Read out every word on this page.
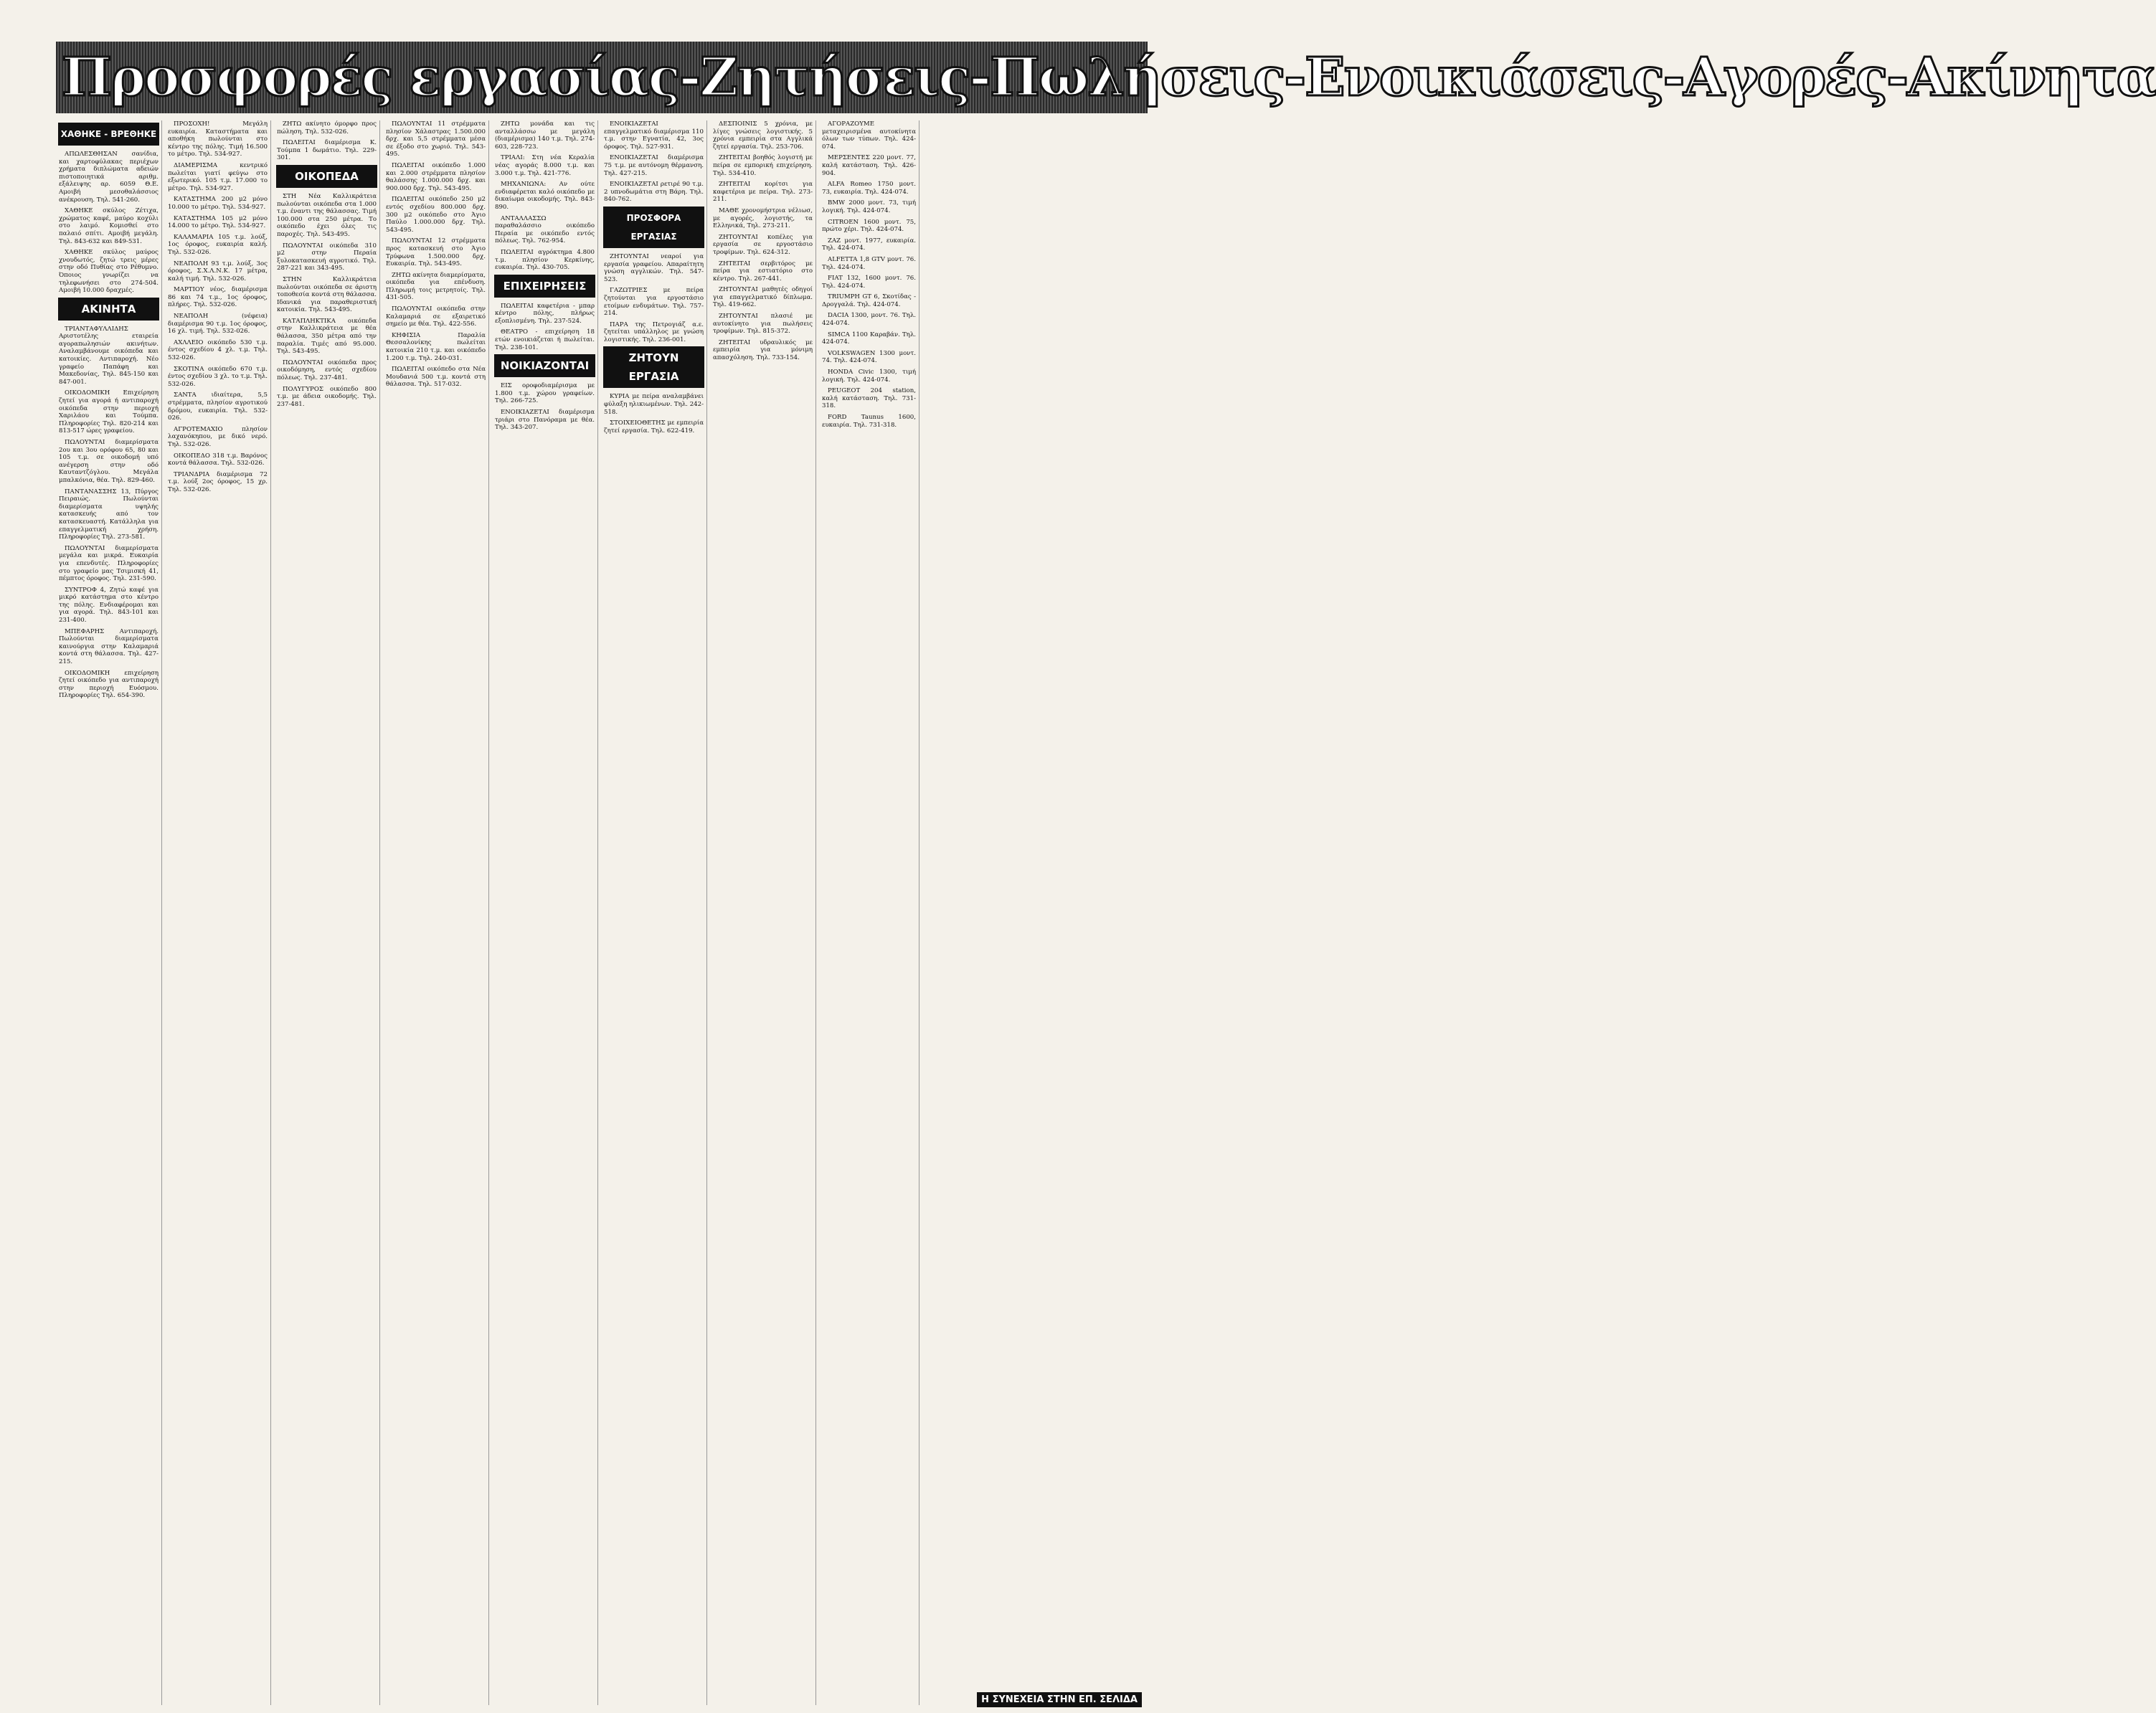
Προσφορές εργασίας-Ζητήσεις-Πωλήσεις-Ενοικιάσεις-Αγορές-Ακίνητα
ΧΑΘΗΚΕ - ΒΡΕΘΗΚΕ

ΑΠΩΛΕΣΘΗΣΑΝ σανίδια, και χαρτοφύλακας περιέχων χρήματα διπλώματα αδειών πιστοποιητικά αριθμ. εξάλειψης αρ. 6059 Θ.Ε. Αμοιβή μεσοθαλάσσιος ανέκρουση. Τηλ. 541-260.

ΧΑΘΗΚΕ σκύλος Ζέτιχα, χρώματος καφέ, μαύρο κοχύλι στο λαιμό. Κομισθεί στο παλαιό σπίτι. Αμοιβή μεγάλη. Τηλ. 843-632 και 849-531.

ΧΑΘΗΚΕ σκύλος μαύρος χνουδωτός, ζητώ τρεις μέρες στην οδό Πυθίας στο Ρέθυμνο. Όποιος γνωρίζει να τηλεφωνήσει στο 274-504. Αμοιβή 10.000 δραχμές.

ΑΚΙΝΗΤΑ

ΤΡΙΑΝΤΑΦΥΛΛΙΔΗΣ Αριστοτέλης εταιρεία αγοραπωλησιών ακινήτων. Αναλαμβάνουμε οικόπεδα και κατοικίες. Αντιπαροχή. Νέο γραφείο Παπάφη και Μακεδονίας, Τηλ. 845-150 και 847-001.

ΟΙΚΟΔΟΜΙΚΗ Επιχείρηση ζητεί για αγορά ή αντιπαροχή οικόπεδα στην περιοχή Χαριλάου και Τούμπα. Πληροφορίες Τηλ. 820-214 και 813-517 ώρες γραφείου.

ΠΩΛΟΥΝΤΑΙ διαμερίσματα 2ου και 3ου ορόφου 65, 80 και 105 τ.μ. σε οικοδομή υπό ανέγερση στην οδό Καυταντζόγλου. Μεγάλα μπαλκόνια, θέα. Τηλ. 829-460.

ΠΑΝΤΑΝΑΣΣΗΣ 13, Πύργος Πειραιώς. Πωλούνται διαμερίσματα υψηλής κατασκευής από τον κατασκευαστή. Κατάλληλα για επαγγελματική χρήση. Πληροφορίες Τηλ. 273-581.

ΠΩΛΟΥΝΤΑΙ διαμερίσματα μεγάλα και μικρά. Ευκαιρία για επενδυτές. Πληροφορίες στο γραφείο μας Τσιμισκή 41, πέμπτος όροφος. Τηλ. 231-590.

ΣΥΝΤΡΟΦ 4, Ζητώ καφέ για μικρό κατάστημα στο κέντρο της πόλης. Ενδιαφέρομαι και για αγορά. Τηλ. 843-101 και 231-400.

ΜΠΕΦΑΡΗΣ Αντιπαροχή. Πωλούνται διαμερίσματα καινούργια στην Καλαμαριά κοντά στη θάλασσα. Τηλ. 427-215.

ΟΙΚΟΔΟΜΙΚΗ επιχείρηση ζητεί οικόπεδο για αντιπαροχή στην περιοχή Ευόσμου. Πληροφορίες Τηλ. 654-390.

ΠΡΟΣΟΧΗ! Μεγάλη ευκαιρία. Καταστήματα και αποθήκη πωλούνται στο κέντρο της πόλης. Τιμή 16.500 το μέτρο. Τηλ. 534-927.

ΔΙΑΜΕΡΙΣΜΑ κεντρικό πωλείται γιατί φεύγω στο εξωτερικό. 105 τ.μ. 17.000 το μέτρο. Τηλ. 534-927.

ΚΑΤΑΣΤΗΜΑ 200 μ2 μόνο 10.000 το μέτρο. Τηλ. 534-927.

ΚΑΤΑΣΤΗΜΑ 105 μ2 μόνο 14.000 το μέτρο. Τηλ. 534-927.

ΚΑΛΑΜΑΡΙΑ 105 τ.μ. λούξ, 1ος όροφος, ευκαιρία καλή. Τηλ. 532-026.

ΝΕΑΠΟΛΗ 93 τ.μ. λούξ, 3ος όροφος, Σ.Χ.Λ.Ν.Κ. 17 μέτρα, καλή τιμή. Τηλ. 532-026.

ΜΑΡΤΙΟΥ νέος, διαμέρισμα 86 και 74 τ.μ., 1ος όροφος, πλήρες. Τηλ. 532-026.

ΝΕΑΠΟΛΗ (νέφεια) διαμέρισμα 90 τ.μ. 1ος όροφος, 16 χλ. τιμή. Τηλ. 532-026.

ΑΧΛΛΕΙΟ οικόπεδο 530 τ.μ. έντος σχεδίου 4 χλ. τ.μ. Τηλ. 532-026.

ΣΚΟΤΙΝΑ οικόπεδο 670 τ.μ. έντος σχεδίου 3 χλ. το τ.μ. Τηλ. 532-026.

ΣΑΝΤΑ ιδιαίτερα, 5,5 στρέμματα, πλησίον αγροτικού δρόμου, ευκαιρία. Τηλ. 532-026.

ΑΓΡΟΤΕΜΑΧΙΟ πλησίον λαχανόκηπου, με δικό νερό. Τηλ. 532-026.

ΟΙΚΟΠΕΔΟ 318 τ.μ. Βαρόνος κοντά θάλασσα. Τηλ. 532-026.

ΤΡΙΑΝΔΡΙΑ διαμέρισμα 72 τ.μ. λούξ 2ος όροφος, 15 χρ. Τηλ. 532-026.

ΖΗΤΩ ακίνητο όμορφο προς πώληση. Τηλ. 532-026.

ΠΩΛΕΙΤΑΙ διαμέρισμα Κ. Τούμπα 1 δωμάτιο. Τηλ. 229-301.

ΟΙΚΟΠΕΔΑ

ΣΤΗ Νέα Καλλικράτεια πωλούνται οικόπεδα στα 1.000 τ.μ. έναντι της θάλασσας. Τιμή 100.000 στα 250 μέτρα. Το οικόπεδο έχει όλες τις παροχές. Τηλ. 543-495.

ΠΩΛΟΥΝΤΑΙ οικόπεδα 310 μ2 στην Περαία ξυλοκατασκευή αγροτικό. Τηλ. 287-221 και 343-495.

ΣΤΗΝ Καλλικράτεια πωλούνται οικόπεδα σε άριστη τοποθεσία κοντά στη θάλασσα. Ιδανικά για παραθεριστική κατοικία. Τηλ. 543-495.

ΚΑΤΑΠΛΗΚΤΙΚΑ οικόπεδα στην Καλλικράτεια με θέα θάλασσα, 350 μέτρα από την παραλία. Τιμές από 95.000. Τηλ. 543-495.

ΠΩΛΟΥΝΤΑΙ οικόπεδα προς οικοδόμηση, εντός σχεδίου πόλεως. Τηλ. 237-481.

ΠΟΛΥΓΥΡΟΣ οικόπεδο 800 τ.μ. με άδεια οικοδομής. Τηλ. 237-481.

ΠΩΛΟΥΝΤΑΙ 11 στρέμματα πλησίον Χάλαστρας 1.500.000 δρχ. και 5,5 στρέμματα μέσα σε έξοδο στο χωριό. Τηλ. 543-495.

ΠΩΛΕΙΤΑΙ οικόπεδο 1.000 και 2.000 στρέμματα πλησίον θαλάσσης 1.000.000 δρχ. και 900.000 δρχ. Τηλ. 543-495.

ΠΩΛΕΙΤΑΙ οικόπεδο 250 μ2 εντός σχεδίου 800.000 δρχ. 300 μ2 οικόπεδο στο Άγιο Παύλο 1.000.000 δρχ. Τηλ. 543-495.

ΠΩΛΟΥΝΤΑΙ 12 στρέμματα προς κατασκευή στο Άγιο Τρύφωνα 1.500.000 δρχ. Ευκαιρία. Τηλ. 543-495.

ΖΗΤΩ ακίνητα διαμερίσματα, οικόπεδα για επένδυση. Πληρωμή τοις μετρητοίς. Τηλ. 431-505.

ΠΩΛΟΥΝΤΑΙ οικόπεδα στην Καλαμαριά σε εξαιρετικό σημείο με θέα. Τηλ. 422-556.

ΚΗΦΙΣΙΑ Παραλία Θεσσαλονίκης πωλείται κατοικία 210 τ.μ. και οικόπεδο 1.200 τ.μ. Τηλ. 240-031.

ΠΩΛΕΙΤΑΙ οικόπεδο στα Νέα Μουδανιά 500 τ.μ. κοντά στη θάλασσα. Τηλ. 517-032.

ΖΗΤΩ μονάδα και τις ανταλλάσσω με μεγάλη (διαμέρισμα) 140 τ.μ. Τηλ. 274-603, 228-723.

ΤΡΙΑΛΙ: Στη νέα Κεραλία νέας αγοράς 8.000 τ.μ. και 3.000 τ.μ. Τηλ. 421-776.

ΜΗΧΑΝΙΩΝΑ: Αν ούτε ενδιαφέρεται καλό οικόπεδο με δικαίωμα οικοδομής. Τηλ. 843-890.

ΑΝΤΑΛΛΑΣΣΩ παραθαλάσσιο οικόπεδο Περαία με οικόπεδο εντός πόλεως. Τηλ. 762-954.

ΠΩΛΕΙΤΑΙ αγρόκτημα 4.800 τ.μ. πλησίον Κερκίνης, ευκαιρία. Τηλ. 430-705.

ΕΠΙΧΕΙΡΗΣΕΙΣ

ΠΩΛΕΙΤΑΙ καφετέρια - μπαρ κέντρο πόλης, πλήρως εξοπλισμένη. Τηλ. 237-524.

ΘΕΑΤΡΟ - επιχείρηση 18 ετών ενοικιάζεται ή πωλείται. Τηλ. 238-101.

ΝΟΙΚΙΑΖΟΝΤΑΙ

ΕΙΣ οροφοδιαμέρισμα με 1.800 τ.μ. χώρου γραφείων. Τηλ. 266-725.

ΕΝΟΙΚΙΑΖΕΤΑΙ διαμέρισμα τριάρι στο Πανόραμα με θέα. Τηλ. 343-207.

ΕΝΟΙΚΙΑΖΕΤΑΙ επαγγελματικό διαμέρισμα 110 τ.μ. στην Εγνατία, 42, 3ος όροφος. Τηλ. 527-931.

ΕΝΟΙΚΙΑΖΕΤΑΙ διαμέρισμα 75 τ.μ. με αυτόνομη θέρμανση. Τηλ. 427-215.

ΕΝΟΙΚΙΑΖΕΤΑΙ ρετιρέ 90 τ.μ. 2 υπνοδωμάτια στη Βάρη. Τηλ. 840-762.

ΠΡΟΣΦΟΡΑ ΕΡΓΑΣΙΑΣ

ΖΗΤΟΥΝΤΑΙ νεαροί για εργασία γραφείου. Απαραίτητη γνώση αγγλικών. Τηλ. 547-523.

ΓΑΖΩΤΡΙΕΣ με πείρα ζητούνται για εργοστάσιο ετοίμων ενδυμάτων. Τηλ. 757-214.

ΠΑΡΑ της Πετρογιάζ α.ε. ζητείται υπάλληλος με γνώση λογιστικής. Τηλ. 236-001.

ΖΗΤΟΥΝ ΕΡΓΑΣΙΑ

ΚΥΡΙΑ με πείρα αναλαμβάνει φύλαξη ηλικιωμένων. Τηλ. 242-518.

ΣΤΟΙΧΕΙΟΘΕΤΗΣ με εμπειρία ζητεί εργασία. Τηλ. 622-419.

ΔΕΣΠΟΙΝΙΣ 5 χρόνια, με λίγες γνώσεις λογιστικής. 5 χρόνια εμπειρία στα Αγγλικά ζητεί εργασία. Τηλ. 253-706.

ΖΗΤΕΙΤΑΙ βοηθός λογιστή με πείρα σε εμπορική επιχείρηση. Τηλ. 534-410.

ΖΗΤΕΙΤΑΙ κορίτσι για καφετέρια με πείρα. Τηλ. 273-211.

ΜΑΘΕ χρονομήστρια νέλιωσ, με αγορές, λογιστής, τα Ελληνικά, Τηλ. 273-211.

ΖΗΤΟΥΝΤΑΙ κοπέλες για εργασία σε εργοστάσιο τροφίμων. Τηλ. 624-312.

ΖΗΤΕΙΤΑΙ σερβιτόρος με πείρα για εστιατόριο στο κέντρο. Τηλ. 267-441.

ΖΗΤΟΥΝΤΑΙ μαθητές οδηγοί για επαγγελματικό δίπλωμα. Τηλ. 419-662.

ΖΗΤΟΥΝΤΑΙ πλασιέ με αυτοκίνητο για πωλήσεις τροφίμων. Τηλ. 815-372.

ΖΗΤΕΙΤΑΙ υδραυλικός με εμπειρία για μόνιμη απασχόληση. Τηλ. 733-154.

ΑΓΟΡΑΖΟΥΜΕ μεταχειρισμένα αυτοκίνητα όλων των τύπων. Τηλ. 424-074.

ΜΕΡΣΕΝΤΕΣ 220 μοντ. 77, καλή κατάσταση. Τηλ. 426-904.

ALFA Romeo 1750 μοντ. 73, ευκαιρία. Τηλ. 424-074.

BMW 2000 μοντ. 73, τιμή λογική. Τηλ. 424-074.

CITROEN 1600 μοντ. 75, πρώτο χέρι. Τηλ. 424-074.

ZAZ μοντ. 1977, ευκαιρία. Τηλ. 424-074.

ALFETTA 1,8 GTV μοντ. 76. Τηλ. 424-074.

FIAT 132, 1600 μοντ. 76. Τηλ. 424-074.

TRIUMPH GT 6, Σκοτίδας - Δρογγαλά. Τηλ. 424-074.

DACIA 1300, μοντ. 76. Τηλ. 424-074.

SIMCA 1100 Καραβάν. Τηλ. 424-074.

VOLKSWAGEN 1300 μοντ. 74. Τηλ. 424-074.

HONDA Civic 1300, τιμή λογική. Τηλ. 424-074.

PEUGEOT 204 station, καλή κατάσταση. Τηλ. 731-318.

FORD Taunus 1600, ευκαιρία. Τηλ. 731-318.

Η ΣΥΝΕΧΕΙΑ ΣΤΗΝ ΕΠ. ΣΕΛΙΔΑ
